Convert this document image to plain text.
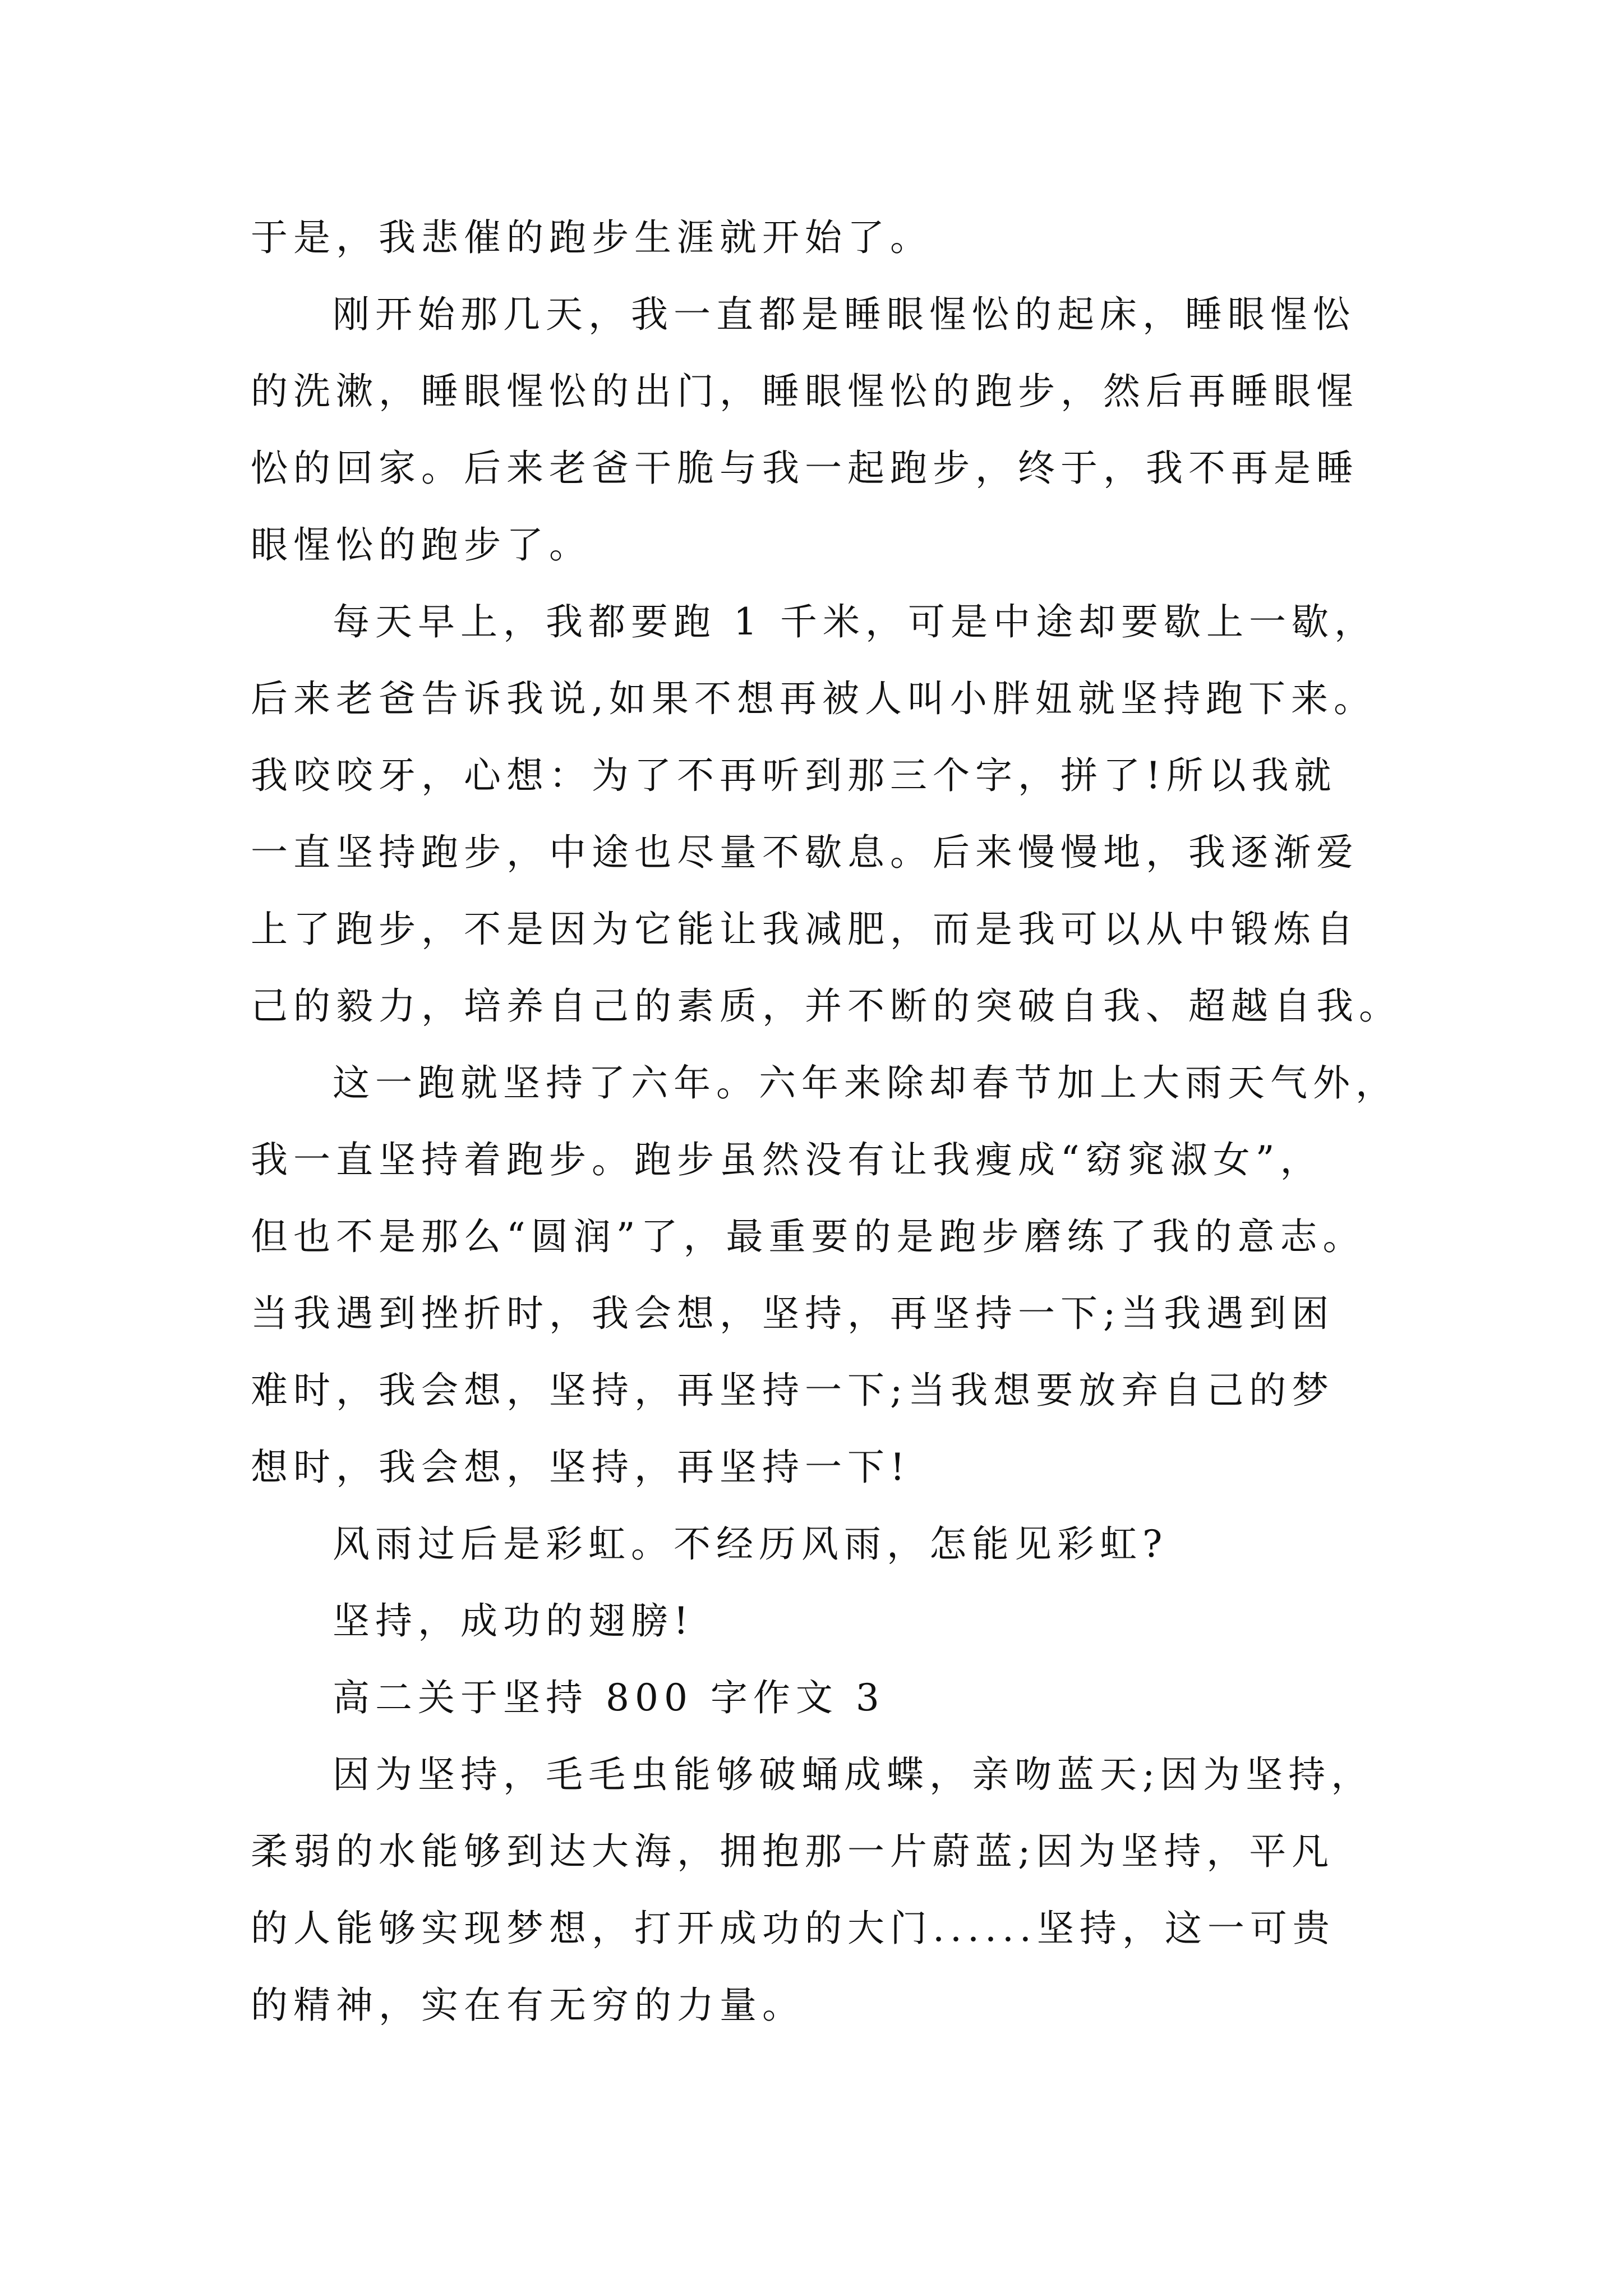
于是，我悲催的跑步生涯就开始了。
刚开始那几天，我一直都是睡眼惺忪的起床，睡眼惺忪
的洗漱，睡眼惺忪的出门，睡眼惺忪的跑步，然后再睡眼惺
忪的回家。后来老爸干脆与我一起跑步，终于，我不再是睡
眼惺忪的跑步了。
每天早上，我都要跑 1 千米，可是中途却要歇上一歇，
后来老爸告诉我说,如果不想再被人叫小胖妞就坚持跑下来。
我咬咬牙，心想：为了不再听到那三个字，拼了!所以我就
一直坚持跑步，中途也尽量不歇息。后来慢慢地，我逐渐爱
上了跑步，不是因为它能让我减肥，而是我可以从中锻炼自
己的毅力，培养自己的素质，并不断的突破自我、超越自我。
这一跑就坚持了六年。六年来除却春节加上大雨天气外，
我一直坚持着跑步。跑步虽然没有让我瘦成“窈窕淑女”，
但也不是那么“圆润”了，最重要的是跑步磨练了我的意志。
当我遇到挫折时，我会想，坚持，再坚持一下;当我遇到困
难时，我会想，坚持，再坚持一下;当我想要放弃自己的梦
想时，我会想，坚持，再坚持一下!
风雨过后是彩虹。不经历风雨，怎能见彩虹?
坚持，成功的翅膀!
高二关于坚持 800 字作文 3
因为坚持，毛毛虫能够破蛹成蝶，亲吻蓝天;因为坚持，
柔弱的水能够到达大海，拥抱那一片蔚蓝;因为坚持，平凡
的人能够实现梦想，打开成功的大门......坚持，这一可贵
的精神，实在有无穷的力量。
